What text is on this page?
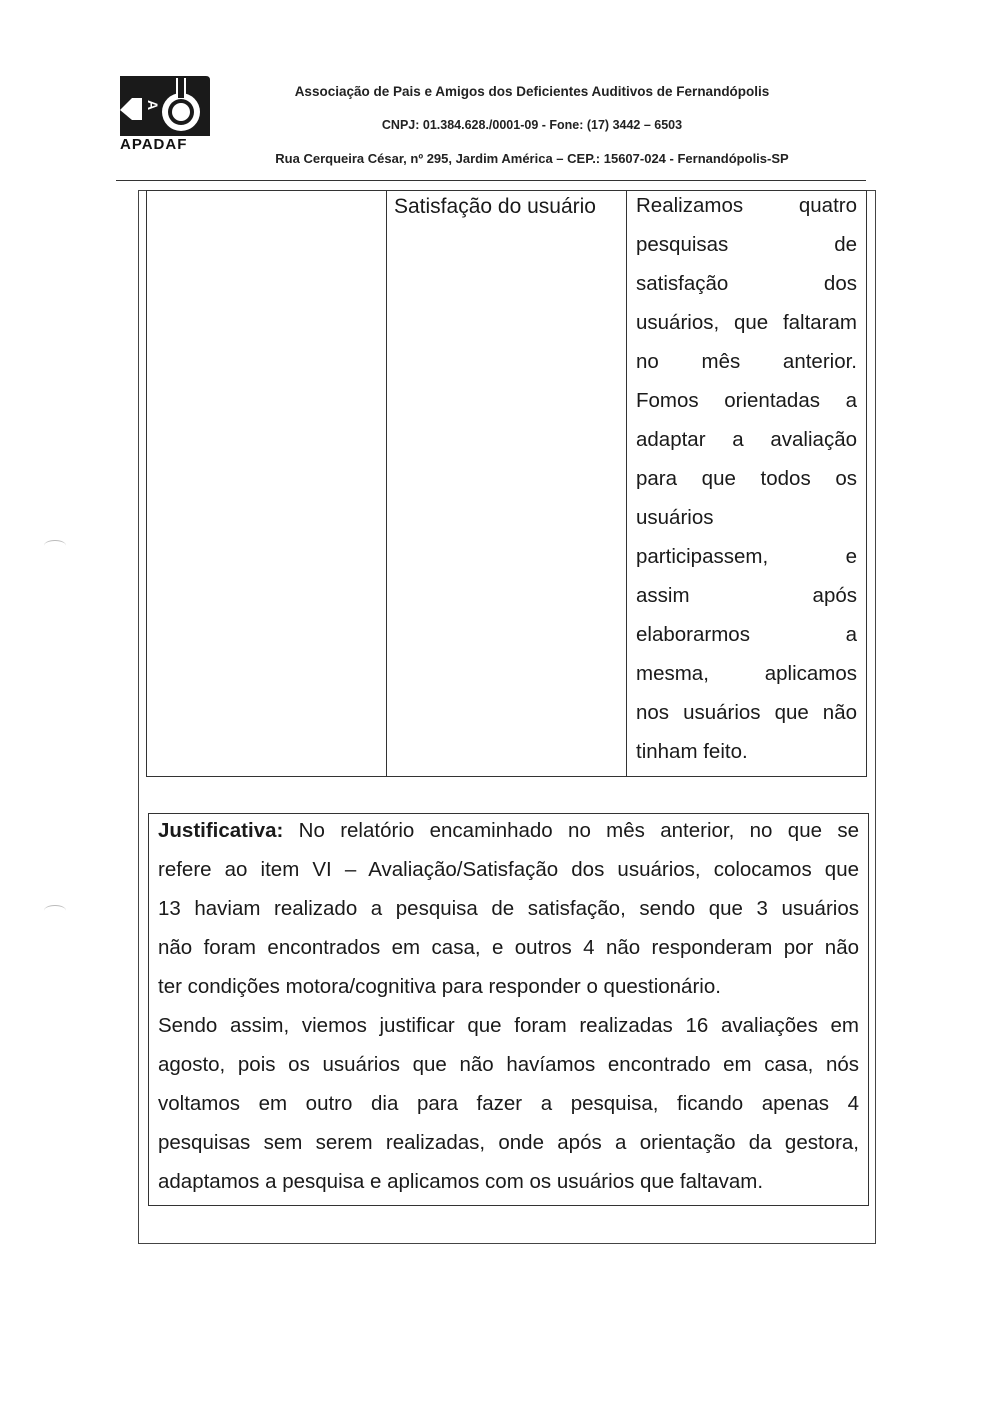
A
APADAF
Associação de Pais e Amigos dos Deficientes Auditivos de Fernandópolis
CNPJ: 01.384.628./0001-09 - Fone: (17) 3442 – 6503
Rua Cerqueira César, nº 295, Jardim América – CEP.: 15607-024 - Fernandópolis-SP
Satisfação do usuário	Realizamos quatro
pesquisas de
satisfação dos
usuários, que faltaram
no mês anterior.
Fomos orientadas a
adaptar a avaliação
para que todos os
usuários
participassem, e
assim após
elaborarmos a
mesma, aplicamos
nos usuários que não
tinham feito.
Justificativa: No relatório encaminhado no mês anterior, no que se
refere ao item VI – Avaliação/Satisfação dos usuários, colocamos que
13 haviam realizado a pesquisa de satisfação, sendo que 3 usuários
não foram encontrados em casa, e outros 4 não responderam por não
ter condições motora/cognitiva para responder o questionário.
Sendo assim, viemos justificar que foram realizadas 16 avaliações em
agosto, pois os usuários que não havíamos encontrado em casa, nós
voltamos em outro dia para fazer a pesquisa, ficando apenas 4
pesquisas sem serem realizadas, onde após a orientação da gestora,
adaptamos a pesquisa e aplicamos com os usuários que faltavam.
